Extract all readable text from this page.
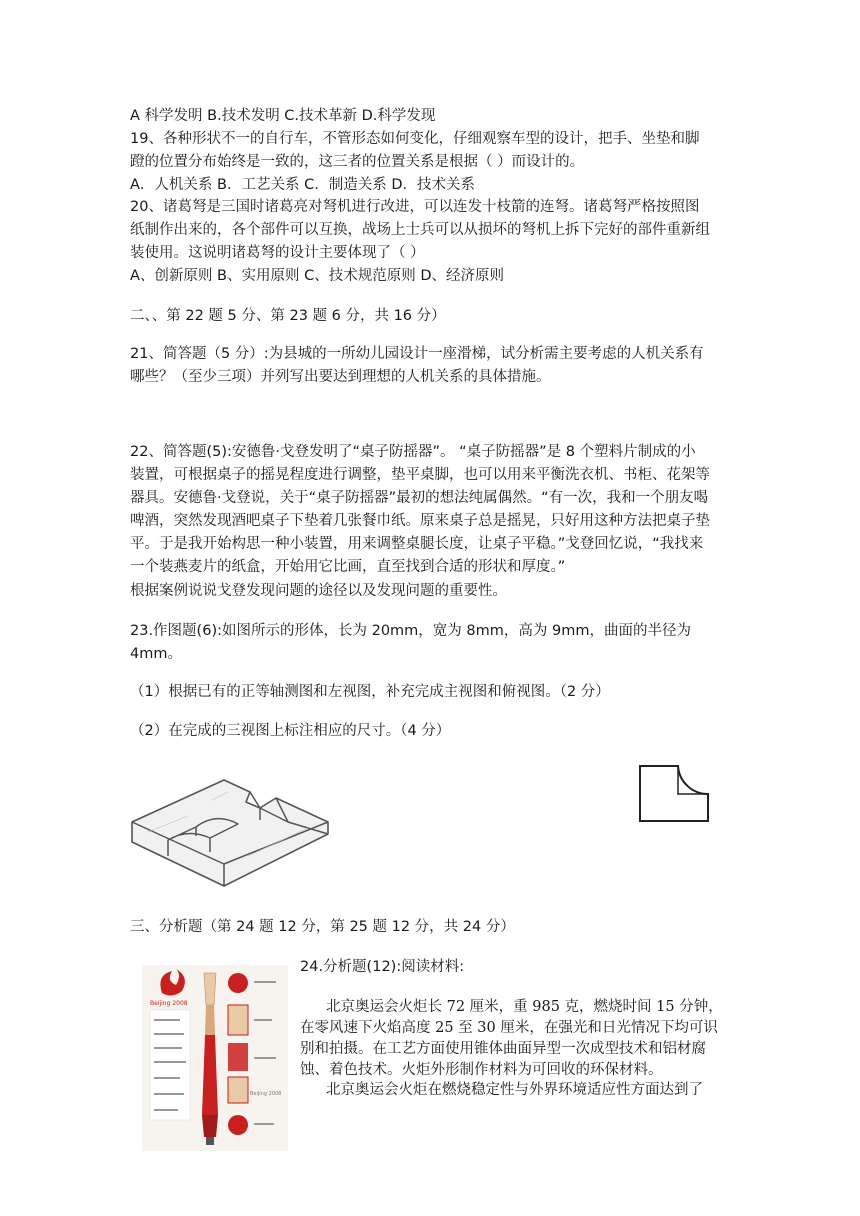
A 科学发明 B.技术发明 C.技术革新 D.科学发现
19、各种形状不一的自行车，不管形态如何变化，仔细观察车型的设计，把手、坐垫和脚
蹬的位置分布始终是一致的，这三者的位置关系是根据（ ）而设计的。
A．人机关系 B．工艺关系 C．制造关系 D．技术关系
20、诸葛弩是三国时诸葛亮对弩机进行改进，可以连发十枝箭的连弩。诸葛弩严格按照图
纸制作出来的，各个部件可以互换，战场上士兵可以从损坏的弩机上拆下完好的部件重新组
装使用。这说明诸葛弩的设计主要体现了（ ）
A、创新原则 B、实用原则 C、技术规范原则 D、经济原则
二、、第 22 题 5 分、第 23 题 6 分，共 16 分）
21、简答题（5 分）:为县城的一所幼儿园设计一座滑梯，试分析需主要考虑的人机关系有
哪些？（至少三项）并列写出要达到理想的人机关系的具体措施。
22、简答题(5):安德鲁·戈登发明了“桌子防摇器”。 “桌子防摇器”是 8 个塑料片制成的小
装置，可根据桌子的摇晃程度进行调整，垫平桌脚，也可以用来平衡洗衣机、书柜、花架等
器具。安德鲁·戈登说，关于“桌子防摇器”最初的想法纯属偶然。“有一次，我和一个朋友喝
啤酒，突然发现酒吧桌子下垫着几张餐巾纸。原来桌子总是摇晃，只好用这种方法把桌子垫
平。于是我开始构思一种小装置，用来调整桌腿长度，让桌子平稳。”戈登回忆说，“我找来
一个装燕麦片的纸盒，开始用它比画，直至找到合适的形状和厚度。”
根据案例说说戈登发现问题的途径以及发现问题的重要性。
23.作图题(6):如图所示的形体，长为 20mm，宽为 8mm，高为 9mm，曲面的半径为
4mm。
（1）根据已有的正等轴测图和左视图，补充完成主视图和俯视图。（2 分）
（2）在完成的三视图上标注相应的尺寸。（4 分）
三、分析题（第 24 题 12 分，第 25 题 12 分，共 24 分）
Beijing 2008
Beijing 2008
24.分析题(12):阅读材料:
北京奥运会火炬长 72 厘米，重 985 克，燃烧时间 15 分钟，
在零风速下火焰高度 25 至 30 厘米，在强光和日光情况下均可识
别和拍摄。在工艺方面使用锥体曲面异型一次成型技术和铝材腐
蚀、着色技术。火炬外形制作材料为可回收的环保材料。
北京奥运会火炬在燃烧稳定性与外界环境适应性方面达到了
